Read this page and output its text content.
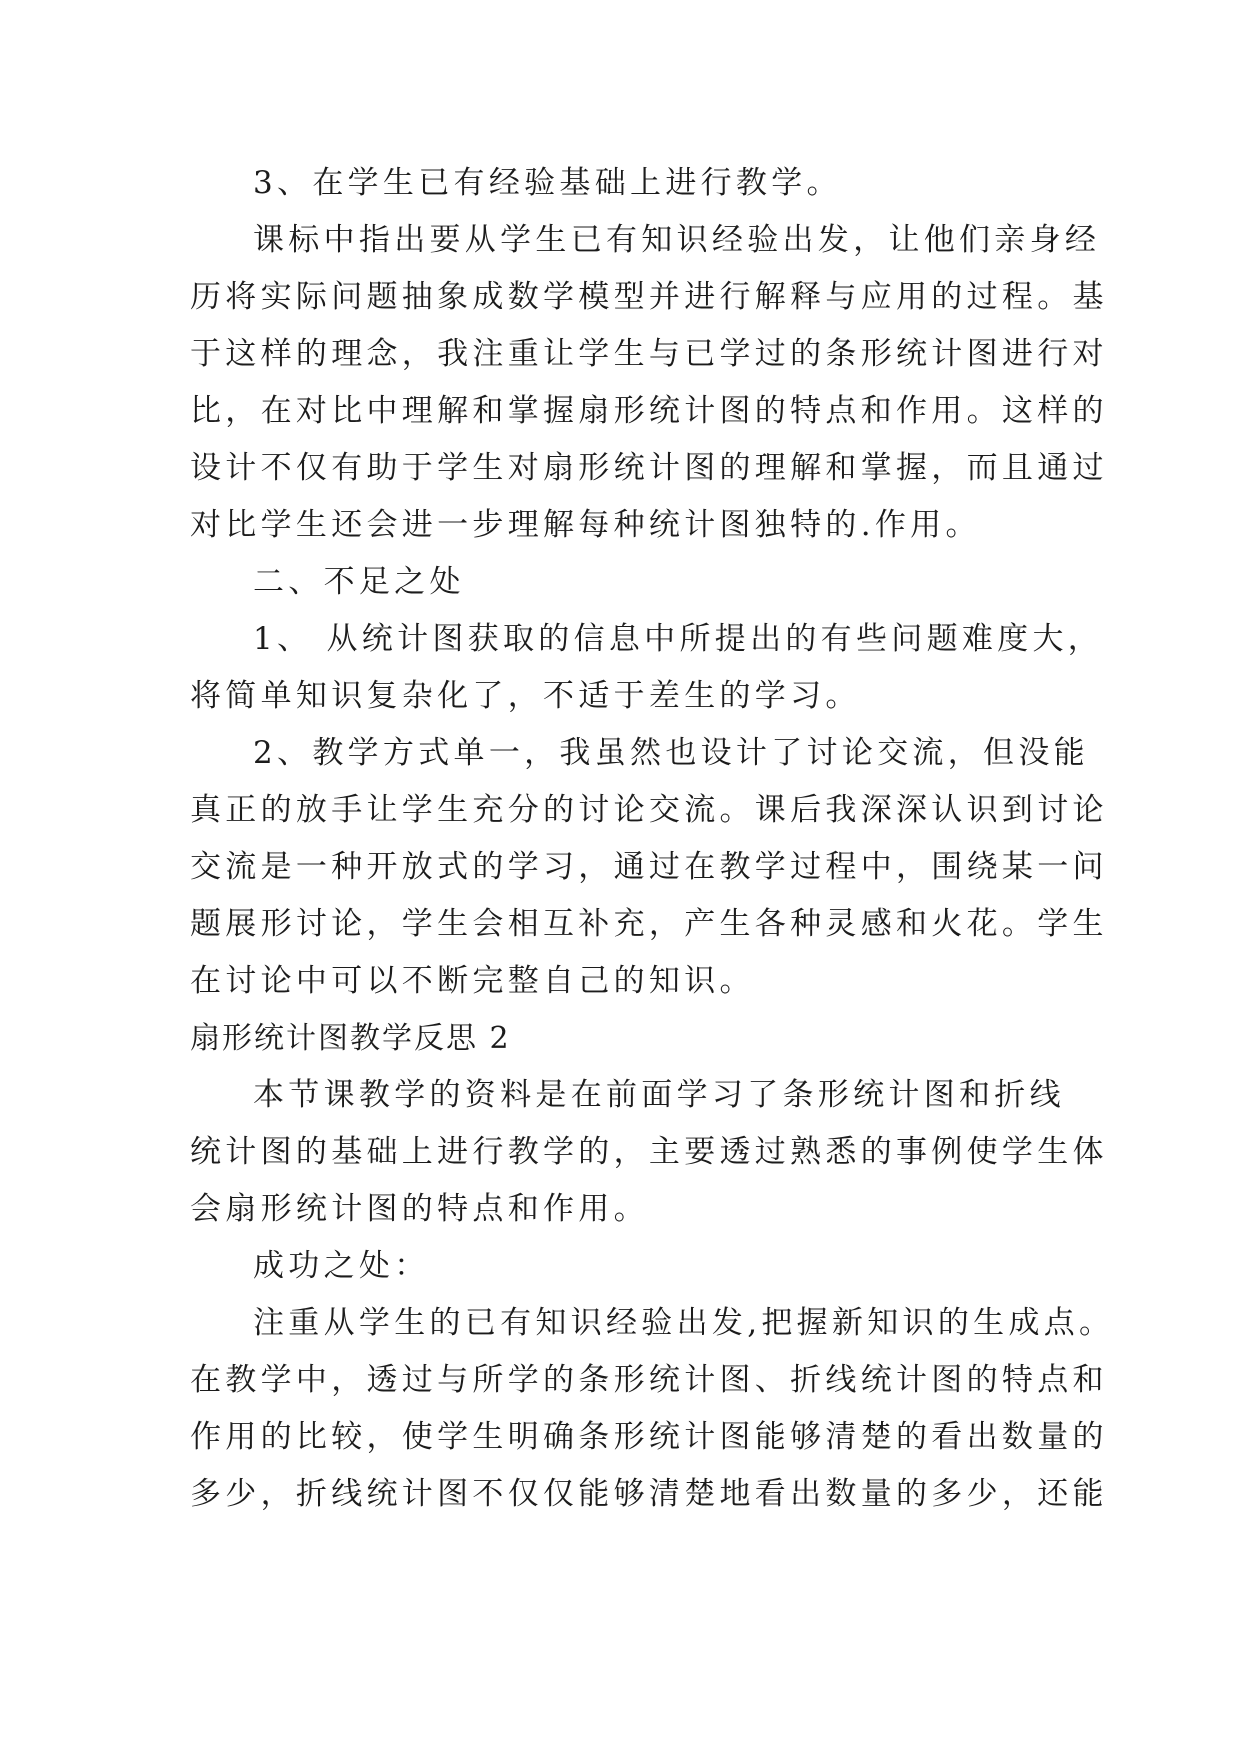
3、在学生已有经验基础上进行教学。
课标中指出要从学生已有知识经验出发，让他们亲身经
历将实际问题抽象成数学模型并进行解释与应用的过程。基
于这样的理念，我注重让学生与已学过的条形统计图进行对
比，在对比中理解和掌握扇形统计图的特点和作用。这样的
设计不仅有助于学生对扇形统计图的理解和掌握，而且通过
对比学生还会进一步理解每种统计图独特的.作用。
二、不足之处
1、 从统计图获取的信息中所提出的有些问题难度大，
将简单知识复杂化了，不适于差生的学习。
2、教学方式单一，我虽然也设计了讨论交流，但没能
真正的放手让学生充分的讨论交流。课后我深深认识到讨论
交流是一种开放式的学习，通过在教学过程中，围绕某一问
题展形讨论，学生会相互补充，产生各种灵感和火花。学生
在讨论中可以不断完整自己的知识。
扇形统计图教学反思 2
本节课教学的资料是在前面学习了条形统计图和折线
统计图的基础上进行教学的，主要透过熟悉的事例使学生体
会扇形统计图的特点和作用。
成功之处：
注重从学生的已有知识经验出发,把握新知识的生成点。
在教学中，透过与所学的条形统计图、折线统计图的特点和
作用的比较，使学生明确条形统计图能够清楚的看出数量的
多少，折线统计图不仅仅能够清楚地看出数量的多少，还能
